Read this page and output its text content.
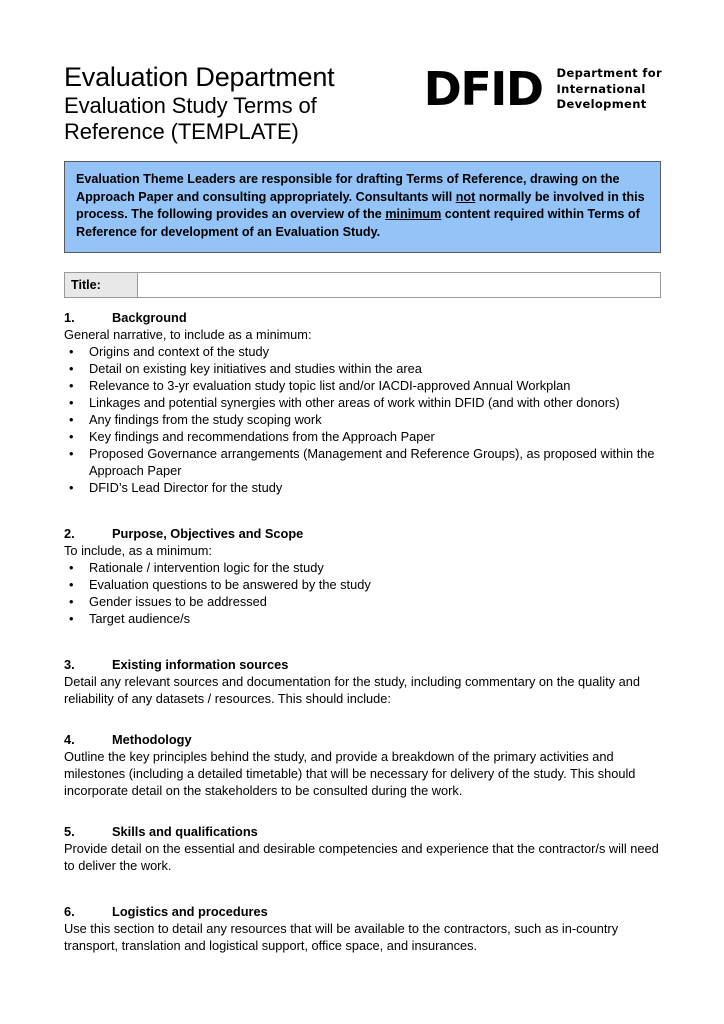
Evaluation Department
Evaluation Study Terms of
Reference (TEMPLATE)
DFID Department for
International
Development

Evaluation Theme Leaders are responsible for drafting Terms of Reference, drawing on the Approach Paper and consulting appropriately. Consultants will not normally be involved in this process. The following provides an overview of the minimum content required within Terms of Reference for development of an Evaluation Study.

Title:	
1.	Background

General narrative, to include as a minimum:

• Origins and context of the study
• Detail on existing key initiatives and studies within the area
• Relevance to 3-yr evaluation study topic list and/or IACDI-approved Annual Workplan
• Linkages and potential synergies with other areas of work within DFID (and with other donors)
• Any findings from the study scoping work
• Key findings and recommendations from the Approach Paper
• Proposed Governance arrangements (Management and Reference Groups), as proposed within the Approach Paper
• DFID’s Lead Director for the study
2.	Purpose, Objectives and Scope

To include, as a minimum:

• Rationale / intervention logic for the study
• Evaluation questions to be answered by the study
• Gender issues to be addressed
• Target audience/s
3.	Existing information sources

Detail any relevant sources and documentation for the study, including commentary on the quality and reliability of any datasets / resources. This should include:

4.	Methodology

Outline the key principles behind the study, and provide a breakdown of the primary activities and milestones (including a detailed timetable) that will be necessary for delivery of the study. This should incorporate detail on the stakeholders to be consulted during the work.

5.	Skills and qualifications

Provide detail on the essential and desirable competencies and experience that the contractor/s will need to deliver the work.

6.	Logistics and procedures

Use this section to detail any resources that will be available to the contractors, such as in-country transport, translation and logistical support, office space, and insurances.
